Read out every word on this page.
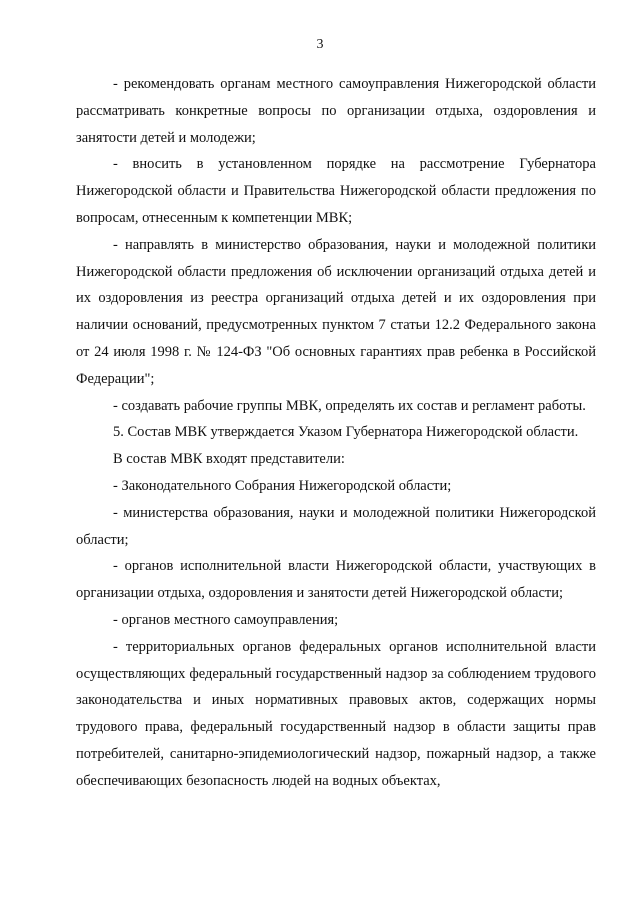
3

- рекомендовать органам местного самоуправления Нижегородской области рассматривать конкретные вопросы по организации отдыха, оздоровления и занятости детей и молодежи;

- вносить в установленном порядке на рассмотрение Губернатора Нижегородской области и Правительства Нижегородской области предложения по вопросам, отнесенным к компетенции МВК;

- направлять в министерство образования, науки и молодежной политики Нижегородской области предложения об исключении организаций отдыха детей и их оздоровления из реестра организаций отдыха детей и их оздоровления при наличии оснований, предусмотренных пунктом 7 статьи 12.2 Федерального закона от 24 июля 1998 г. № 124-ФЗ "Об основных гарантиях прав ребенка в Российской Федерации";

- создавать рабочие группы МВК, определять их состав и регламент работы.

5. Состав МВК утверждается Указом Губернатора Нижегородской области.

В состав МВК входят представители:

- Законодательного Собрания Нижегородской области;

- министерства образования, науки и молодежной политики Нижегородской области;

- органов исполнительной власти Нижегородской области, участвующих в организации отдыха, оздоровления и занятости детей Нижегородской области;

- органов местного самоуправления;

- территориальных органов федеральных органов исполнительной власти осуществляющих федеральный государственный надзор за соблюдением трудового законодательства и иных нормативных правовых актов, содержащих нормы трудового права, федеральный государственный надзор в области защиты прав потребителей, санитарно-эпидемиологический надзор, пожарный надзор, а также обеспечивающих безопасность людей на водных объектах,
